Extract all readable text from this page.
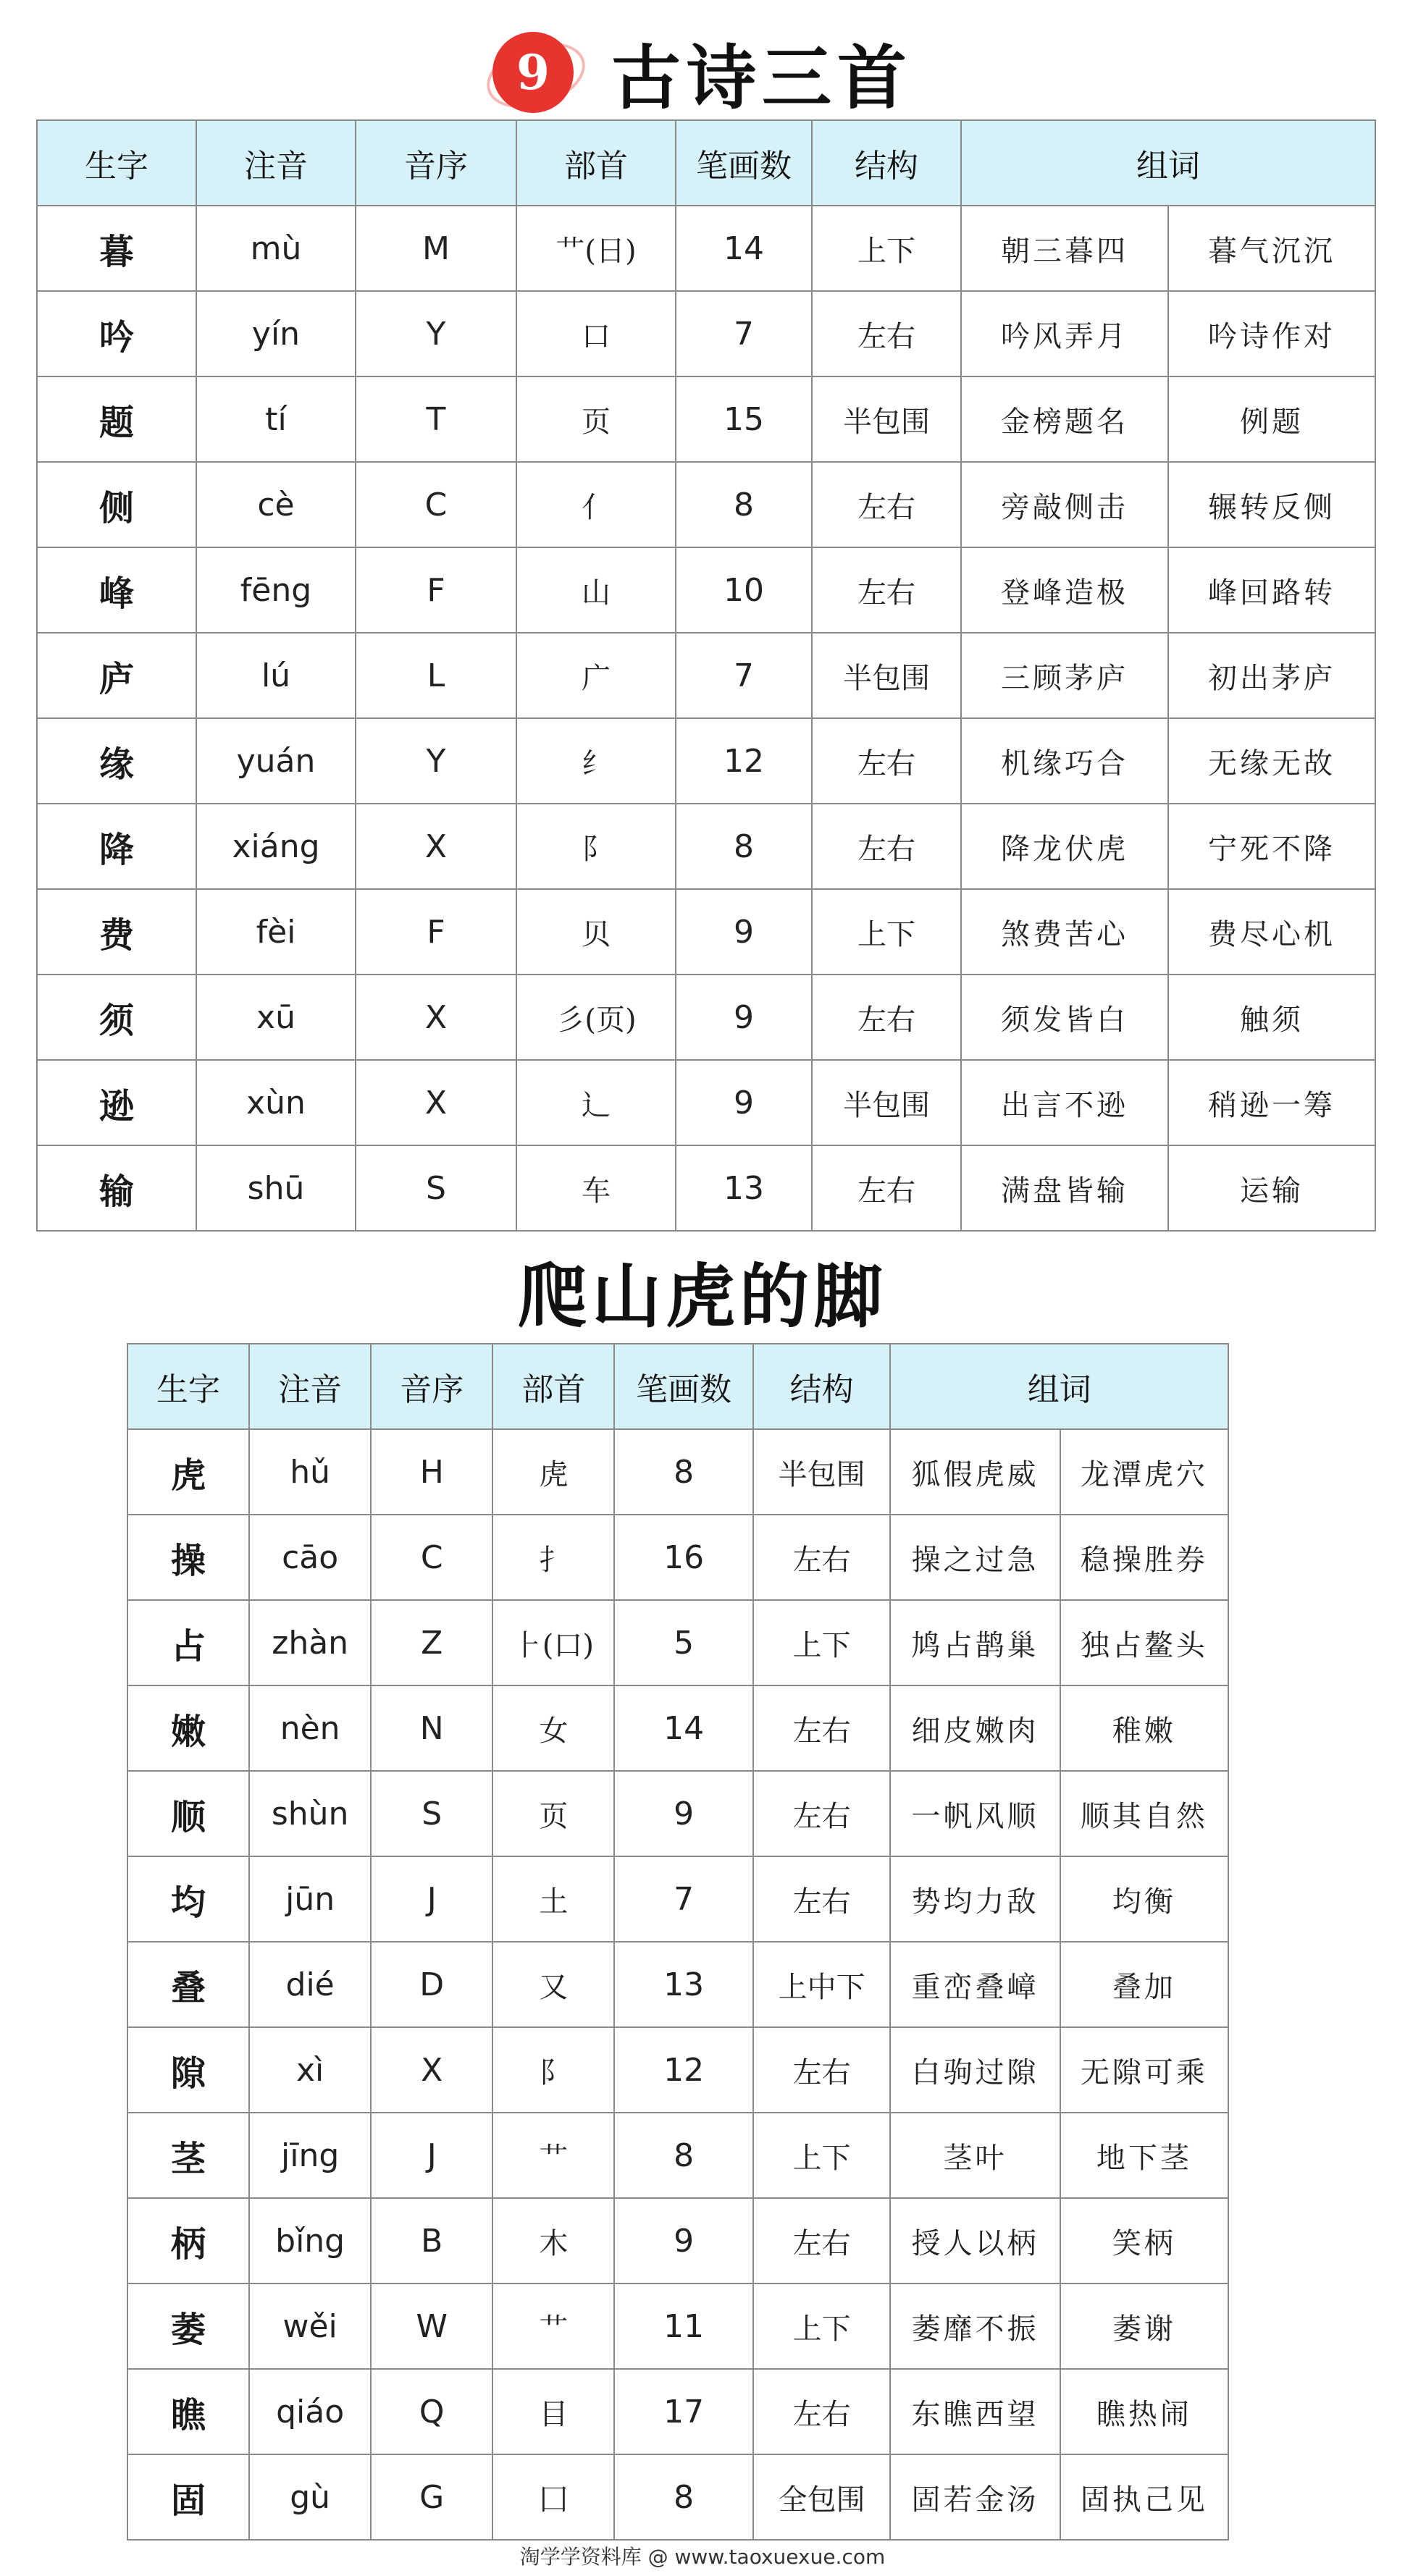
9 古诗三首
生字	注音	音序	部首	笔画数	结构	组词	
暮	mù	M	艹(日)	14	上下	朝三暮四	暮气沉沉
吟	yín	Y	口	7	左右	吟风弄月	吟诗作对
题	tí	T	页	15	半包围	金榜题名	例题
侧	cè	C	亻	8	左右	旁敲侧击	辗转反侧
峰	fēng	F	山	10	左右	登峰造极	峰回路转
庐	lú	L	广	7	半包围	三顾茅庐	初出茅庐
缘	yuán	Y	纟	12	左右	机缘巧合	无缘无故
降	xiáng	X	阝	8	左右	降龙伏虎	宁死不降
费	fèi	F	贝	9	上下	煞费苦心	费尽心机
须	xū	X	彡(页)	9	左右	须发皆白	触须
逊	xùn	X	辶	9	半包围	出言不逊	稍逊一筹
输	shū	S	车	13	左右	满盘皆输	运输
爬山虎的脚
生字	注音	音序	部首	笔画数	结构	组词	
虎	hǔ	H	虎	8	半包围	狐假虎威	龙潭虎穴
操	cāo	C	扌	16	左右	操之过急	稳操胜券
占	zhàn	Z	⺊(口)	5	上下	鸠占鹊巢	独占鳌头
嫩	nèn	N	女	14	左右	细皮嫩肉	稚嫩
顺	shùn	S	页	9	左右	一帆风顺	顺其自然
均	jūn	J	土	7	左右	势均力敌	均衡
叠	dié	D	又	13	上中下	重峦叠嶂	叠加
隙	xì	X	阝	12	左右	白驹过隙	无隙可乘
茎	jīng	J	艹	8	上下	茎叶	地下茎
柄	bǐng	B	木	9	左右	授人以柄	笑柄
萎	wěi	W	艹	11	上下	萎靡不振	萎谢
瞧	qiáo	Q	目	17	左右	东瞧西望	瞧热闹
固	gù	G	囗	8	全包围	固若金汤	固执己见
淘学学资料库 @ www.taoxuexue.com
